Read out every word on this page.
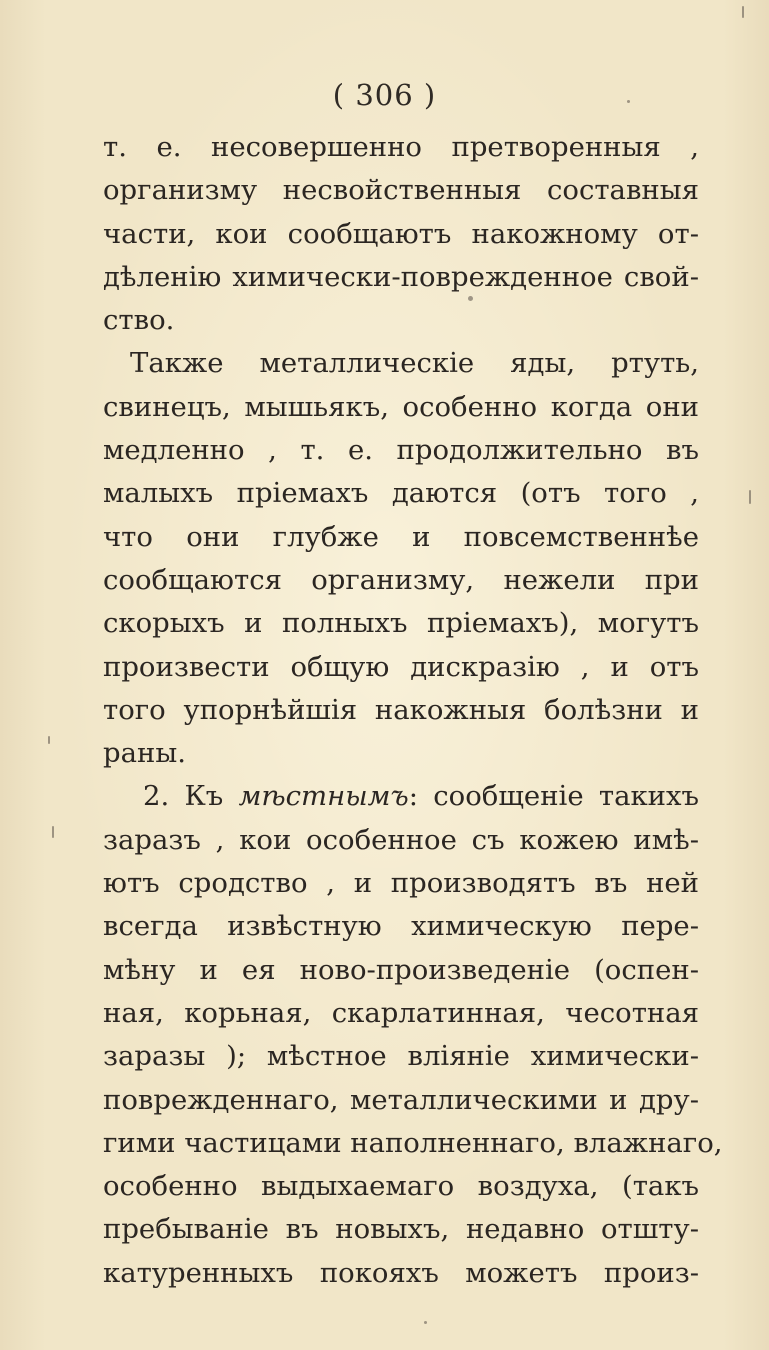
( 306 )
т. е. несовершенно претворенныя ,
организму несвойственныя составныя
части, кои сообщаютъ накожному от-
дѣленію химически-поврежденное свой-
ство.
Также металлическіе яды, ртуть,
свинецъ, мышьякъ, особенно когда они
медленно , т. е. продолжительно въ
малыхъ пріемахъ даются (отъ того ,
что они глубже и повсемственнѣе
сообщаются организму, нежели при
скорыхъ и полныхъ пріемахъ), могутъ
произвести общую дискразію , и отъ
того упорнѣйшія накожныя болѣзни и
раны.
2. Къ мѣстнымъ: сообщеніе такихъ
заразъ , кои особенное съ кожею имѣ-
ютъ сродство , и производятъ въ ней
всегда извѣстную химическую пере-
мѣну и ея ново-произведеніе (оспен-
ная, корьная, скарлатинная, чесотная
заразы ); мѣстное вліяніе химически-
поврежденнаго, металлическими и дру-
гими частицами наполненнаго, влажнаго,
особенно выдыхаемаго воздуха, (такъ
пребываніе въ новыхъ, недавно отшту-
катуренныхъ покояхъ можетъ произ-
